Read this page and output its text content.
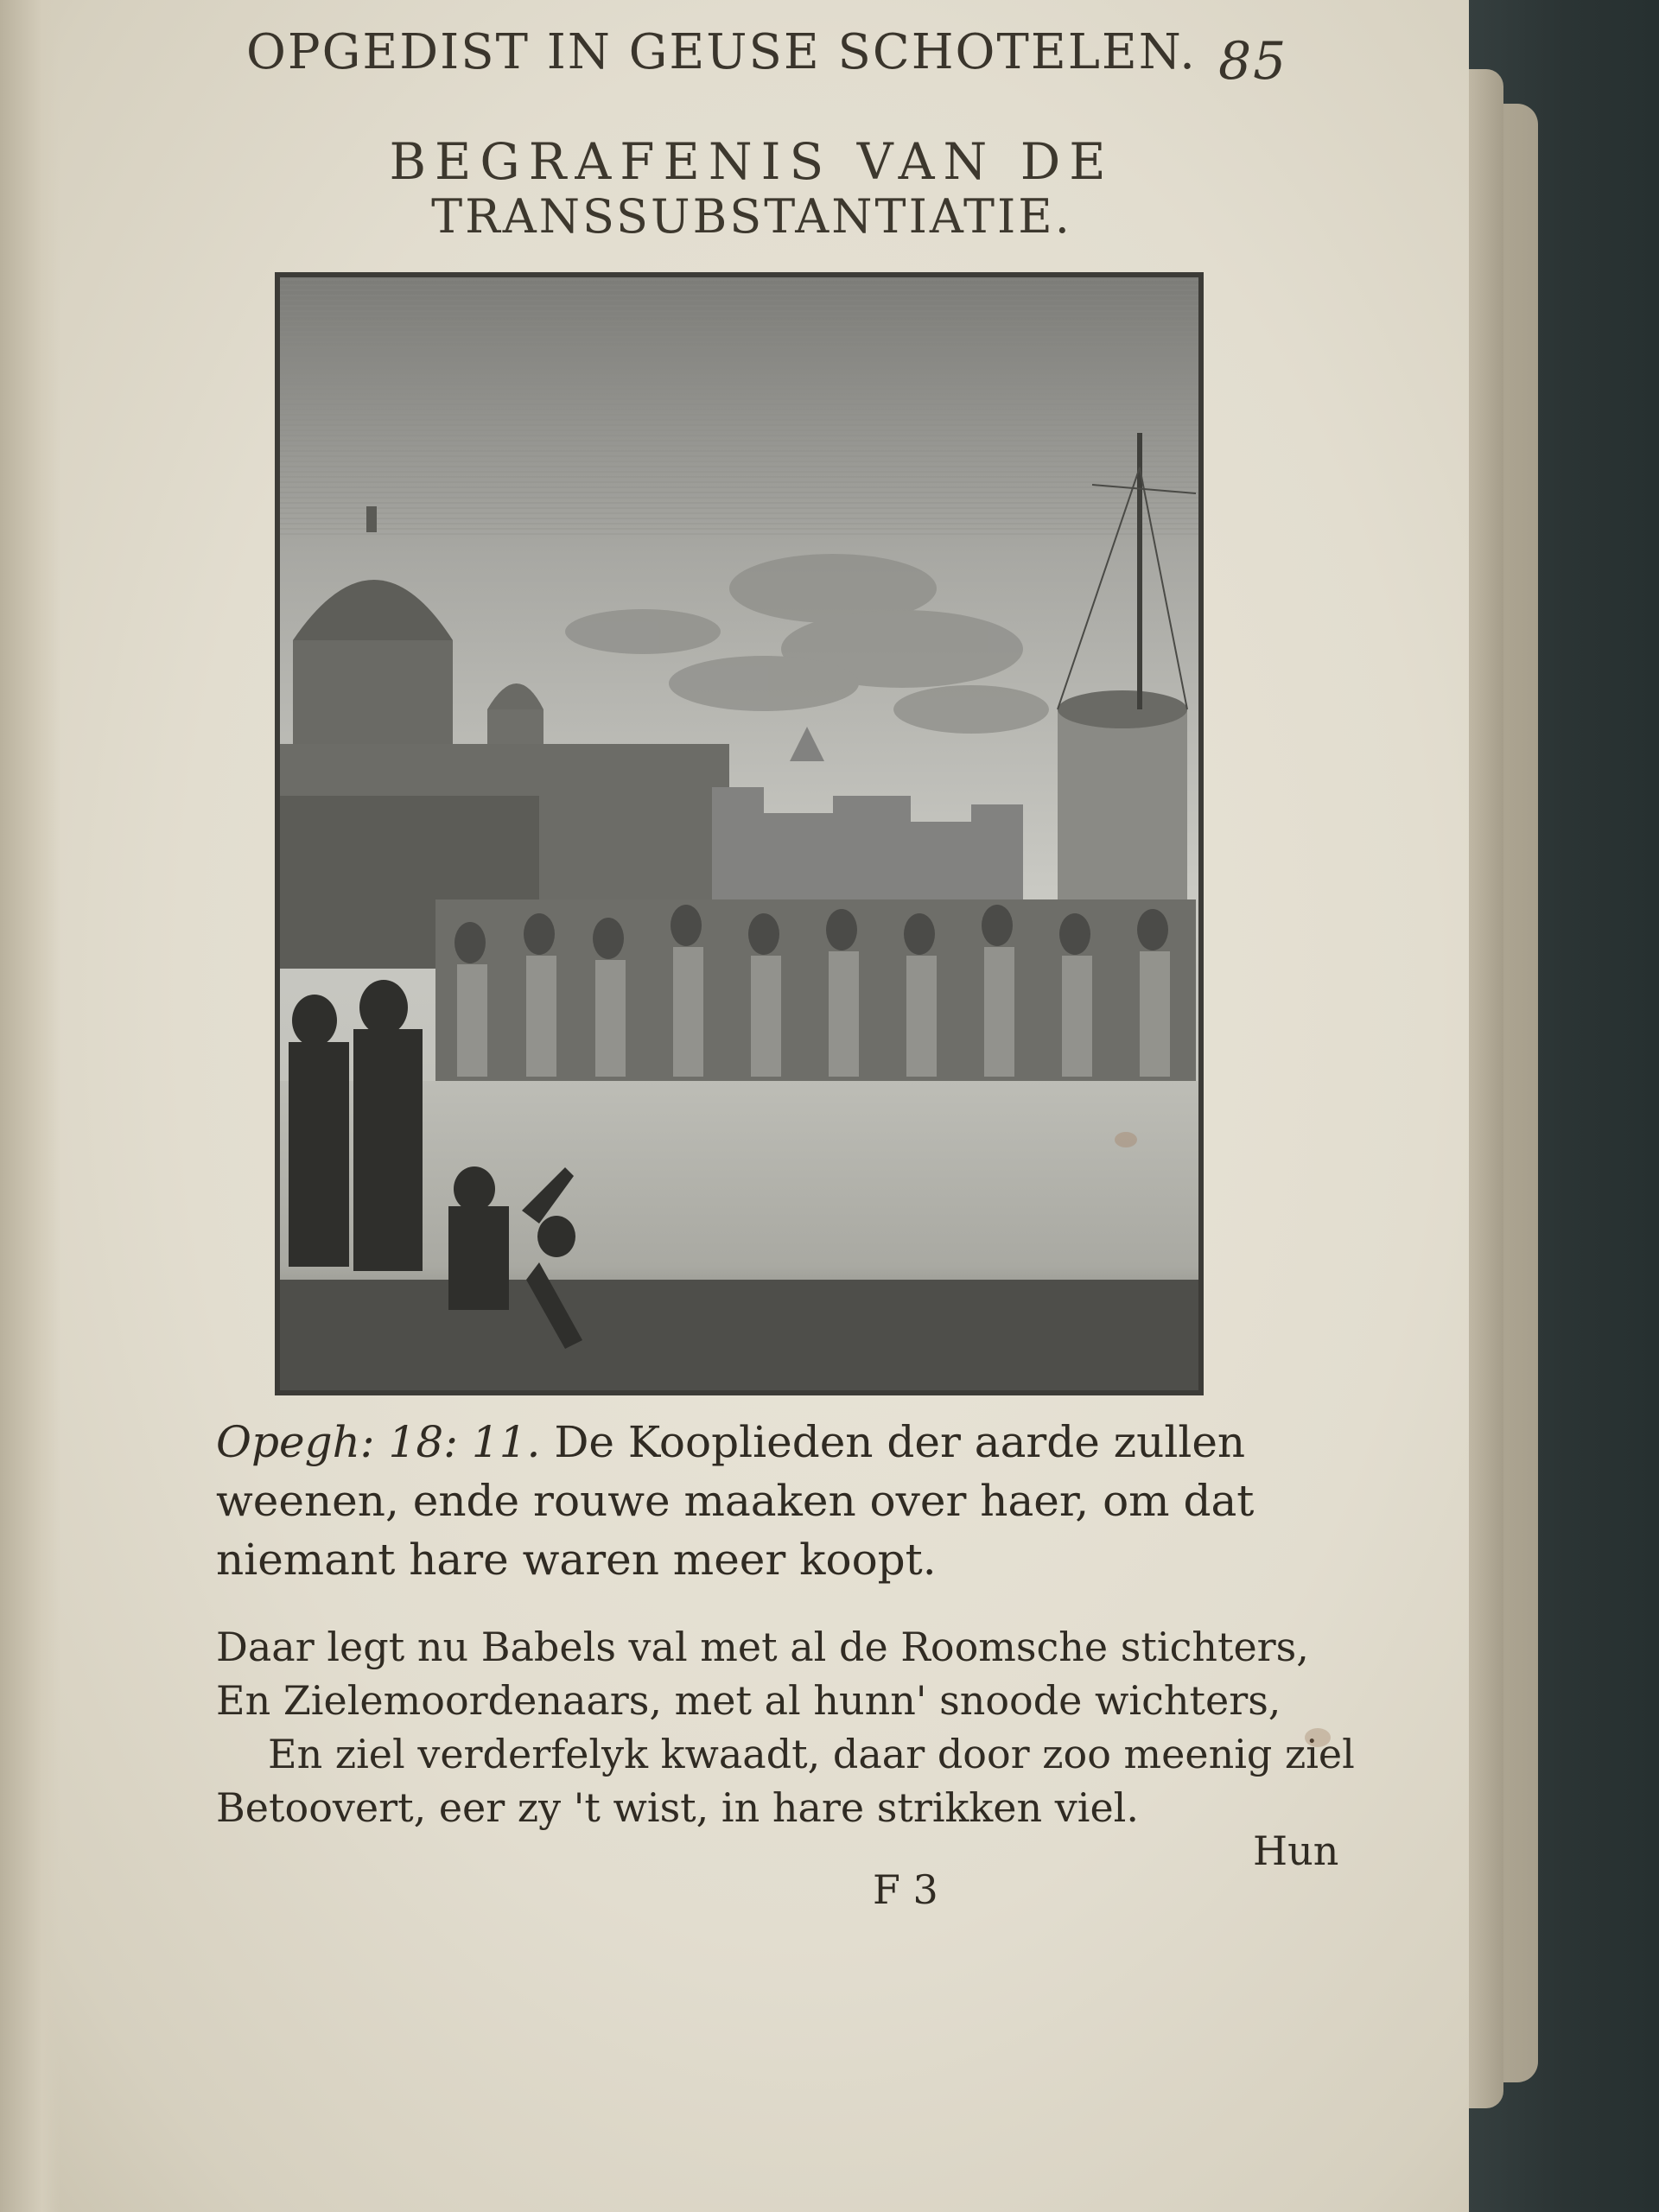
OPGEDIST IN GEUSE SCHOTELEN. 85
BEGRAFENIS VAN DE
TRANSSUBSTANTIATIE.
Opegh: 18: 11. De Kooplieden der aarde zullen weenen, ende rouwe maaken over haer, om dat niemant hare waren meer koopt.
Daar legt nu Babels val met al de Roomsche stichters,
En Zielemoordenaars, met al hunn' snoode wichters,
En ziel verderfelyk kwaadt, daar door zoo meenig ziel
Betoovert, eer zy 't wist, in hare strikken viel.
Hun
F 3
